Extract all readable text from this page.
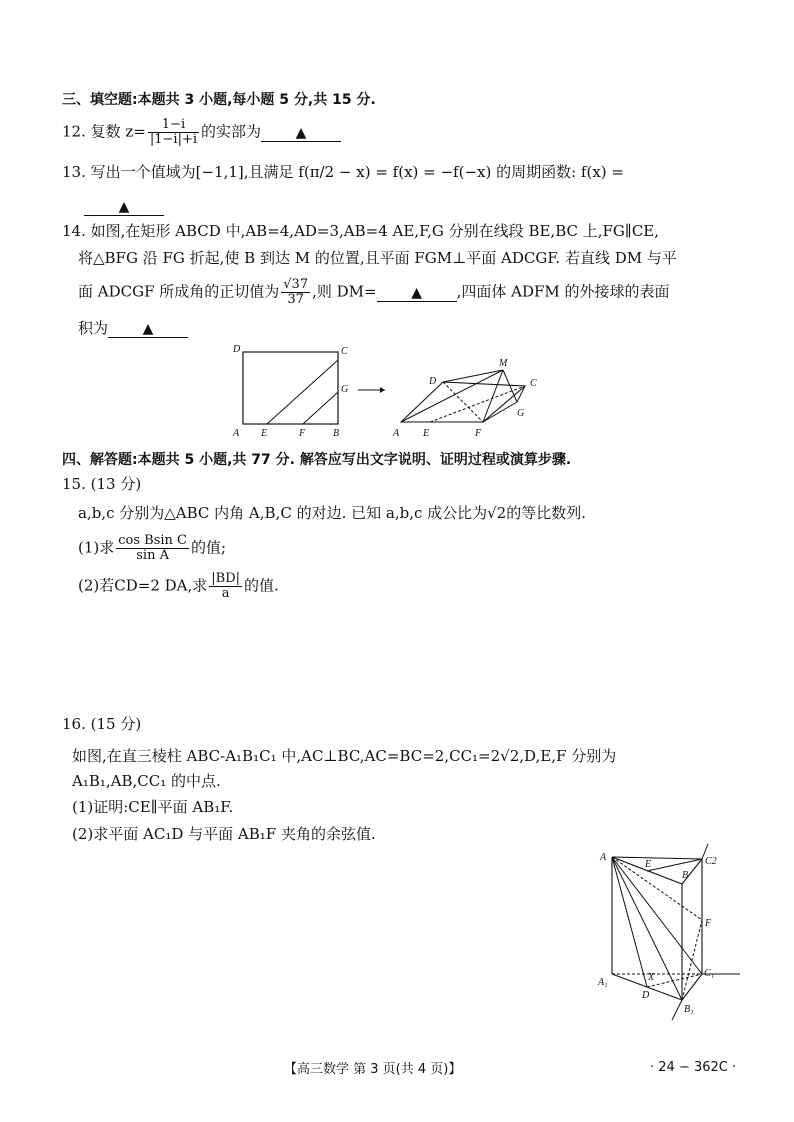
三、填空题:本题共 3 小题,每小题 5 分,共 15 分.
12. 复数 $z= \frac{1-i}{|1-i|+i}$ 的实部为 ▲
13. 写出一个值域为[−1,1],且满足 f(π/2 − x) = f(x) = −f(−x) 的周期函数: f(x) =
▲
14. 如图,在矩形 ABCD 中,AB=4,AD=3,AB=4 AE,F,G 分别在线段 BE,BC 上,FG∥CE,
将△BFG 沿 FG 折起,使 B 到达 M 的位置,且平面 FGM⊥平面 ADCGF. 若直线 DM 与平
面 ADCGF 所成角的正切值为 $\frac{√37}{37}$ ,则 DM= ▲ ,四面体 ADFM 的外接球的表面
积为 ▲
D	C
G
A E	F	B
D
M
C
G
A E	F
四、解答题:本题共 5 小题,共 77 分. 解答应写出文字说明、证明过程或演算步骤.
15. (13 分)
a,b,c 分别为△ABC 内角 A,B,C 的对边. 已知 a,b,c 成公比为√2的等比数列.
(1)求 $\frac{\text{cos Bsin C}}{\text{sin A}}$ 的值;
(2)若CD=2 DA,求 $\frac{|BD|}{a}$ 的值.
16. (15 分)
如图,在直三棱柱 ABC-A₁B₁C₁ 中,AC⊥BC,AC=BC=2,CC₁=2√2,D,E,F 分别为
A₁B₁,AB,CC₁ 的中点.
(1)证明:CE∥平面 AB₁F.
(2)求平面 AC₁D 与平面 AB₁F 夹角的余弦值.
A
E	C2
B
F
A₁	X
D
C₁
B₁
【高三数学 第 3 页(共 4 页)】	· 24 − 362C ·
